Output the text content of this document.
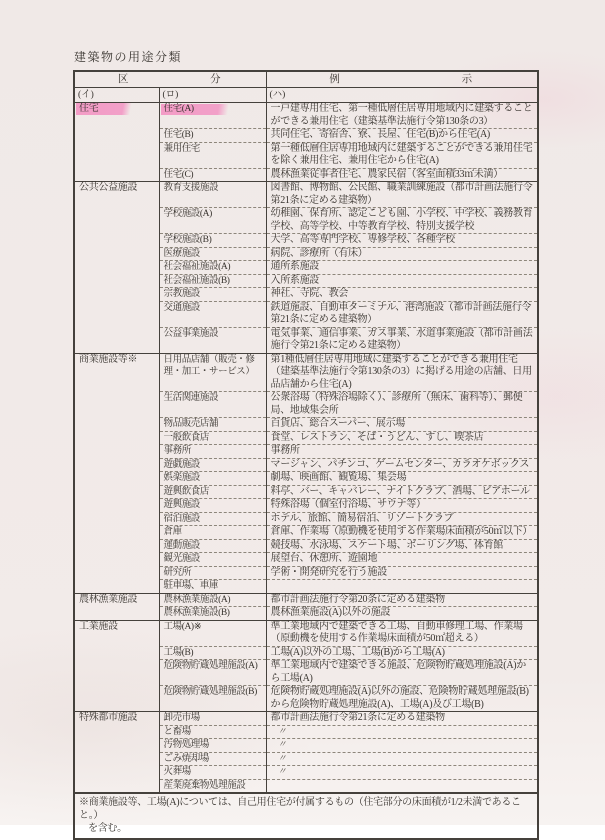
建築物の用途分類
区 分		例 示

(イ)	(ロ)	(ハ)
住宅	住宅(A)	一戸建専用住宅、第一種低層住居専用地域内に建築することができる兼用住宅（建築基準法施行令第130条の3）
	住宅(B)	共同住宅、寄宿舎、寮、長屋、住宅(B)から住宅(A)
	兼用住宅	第一種低層住居専用地域内に建築することができる兼用住宅を除く兼用住宅、兼用住宅から住宅(A)
	住宅(C)	農林漁業従事者住宅、農家民宿（客室面積33㎡未満）
公共公益施設	教育支援施設	図書館、博物館、公民館、職業訓練施設（都市計画法施行令第21条に定める建築物）
	学校施設(A)	幼稚園、保育所、認定こども園、小学校、中学校、義務教育学校、高等学校、中等教育学校、特別支援学校
	学校施設(B)	大学、高等専門学校、専修学校、各種学校
	医療施設	病院、診療所（有床）
	社会福祉施設(A)	通所系施設
	社会福祉施設(B)	入所系施設
	宗教施設	神社、寺院、教会
	交通施設	鉄道施設、自動車ターミナル、港湾施設（都市計画法施行令第21条に定める建築物）
	公益事業施設	電気事業、通信事業、ガス事業、水道事業施設（都市計画法施行令第21条に定める建築物）
商業施設等※	日用品店舗（販売・修理・加工・サービス）	第1種低層住居専用地域に建築することができる兼用住宅（建築基準法施行令第130条の3）に掲げる用途の店舗、日用品店舗から住宅(A)
	生活関連施設	公衆浴場（特殊浴場除く）、診療所（無床、歯科等）、郵便局、地域集会所
	物品販売店舗	百貨店、総合スーパー、展示場
	一般飲食店	食堂、レストラン、そば・うどん、すし、喫茶店
	事務所	事務所
	遊戯施設	マージャン、パチンコ、ゲームセンター、カラオケボックス
	娯楽施設	劇場、映画館、観覧場、集会場
	遊興飲食店	料亭、バー、キャバレー、ナイトクラブ、酒場、ビアホール
	遊興施設	特殊浴場（個室付浴場、サウナ等）
	宿泊施設	ホテル、旅館、簡易宿泊、リゾートクラブ
	倉庫	倉庫、作業場（原動機を使用する作業場床面積が50㎡以下）
	運動施設	競技場、水泳場、スケート場、ボーリング場、体育館
	観光施設	展望台、休憩所、遊園地
	研究所	学術・開発研究を行う施設
	駐車場、車庫	
農林漁業施設	農林漁業施設(A)	都市計画法施行令第20条に定める建築物
	農林漁業施設(B)	農林漁業施設(A)以外の施設
工業施設	工場(A)※	準工業地域内で建築できる工場、自動車修理工場、作業場（原動機を使用する作業場床面積が50㎡超える）
	工場(B)	工場(A)以外の工場、工場(B)から工場(A)
	危険物貯蔵処理施設(A)	準工業地域内で建築できる施設、危険物貯蔵処理施設(A)から工場(A)
	危険物貯蔵処理施設(B)	危険物貯蔵処理施設(A)以外の施設、危険物貯蔵処理施設(B)から危険物貯蔵処理施設(A)、工場(A)及び工場(B)
特殊都市施設	卸売市場	都市計画法施行令第21条に定める建築物
	と畜場	〃
	汚物処理場	〃
	ごみ焼却場	〃
	火葬場	〃
	産業廃棄物処理施設	

※商業施設等、工場(A)については、自己用住宅が付属するもの（住宅部分の床面積が1/2未満であること。）
を含む。		
